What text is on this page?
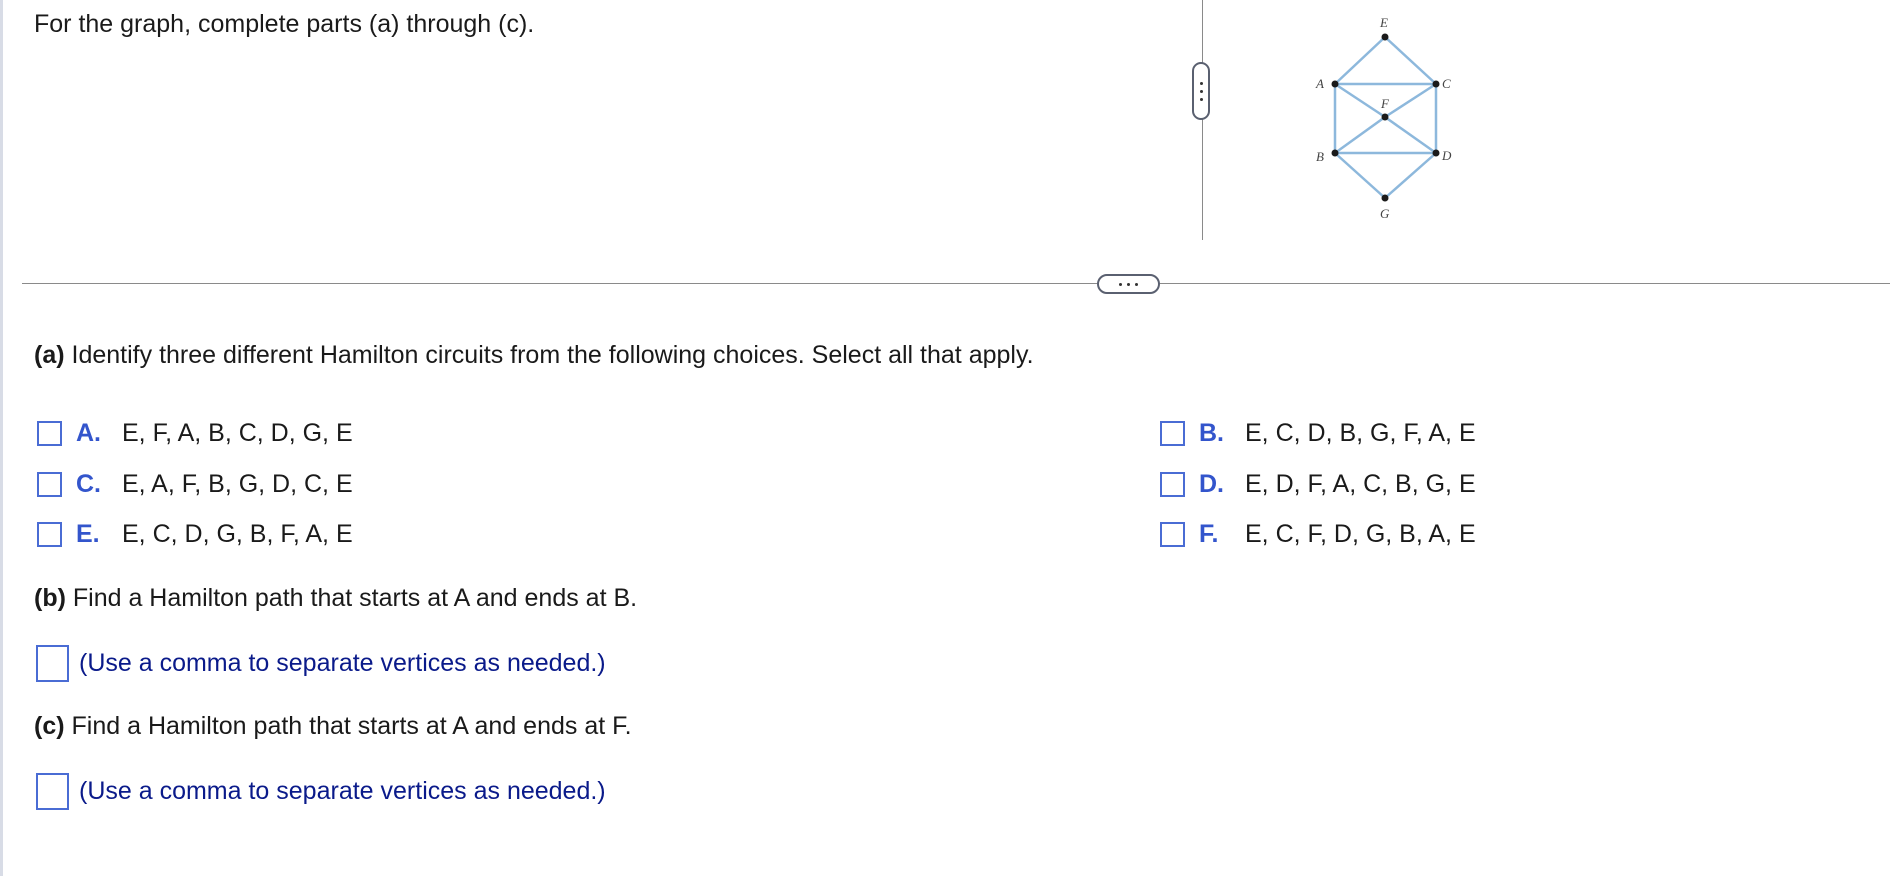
For the graph, complete parts (a) through (c).	E
A	C
F
B	D
G
(a) Identify three different Hamilton circuits from the following choices. Select all that apply.
A. E, F, A, B, C, D, G, E	B. E, C, D, B, G, F, A, E
C. E, A, F, B, G, D, C, E	D. E, D, F, A, C, B, G, E
E. E, C, D, G, B, F, A, E	F.	E, C, F, D, G, B, A, E
(b) Find a Hamilton path that starts at A and ends at B.
(Use a comma to separate vertices as needed.)
(c) Find a Hamilton path that starts at A and ends at F.
(Use a comma to separate vertices as needed.)
